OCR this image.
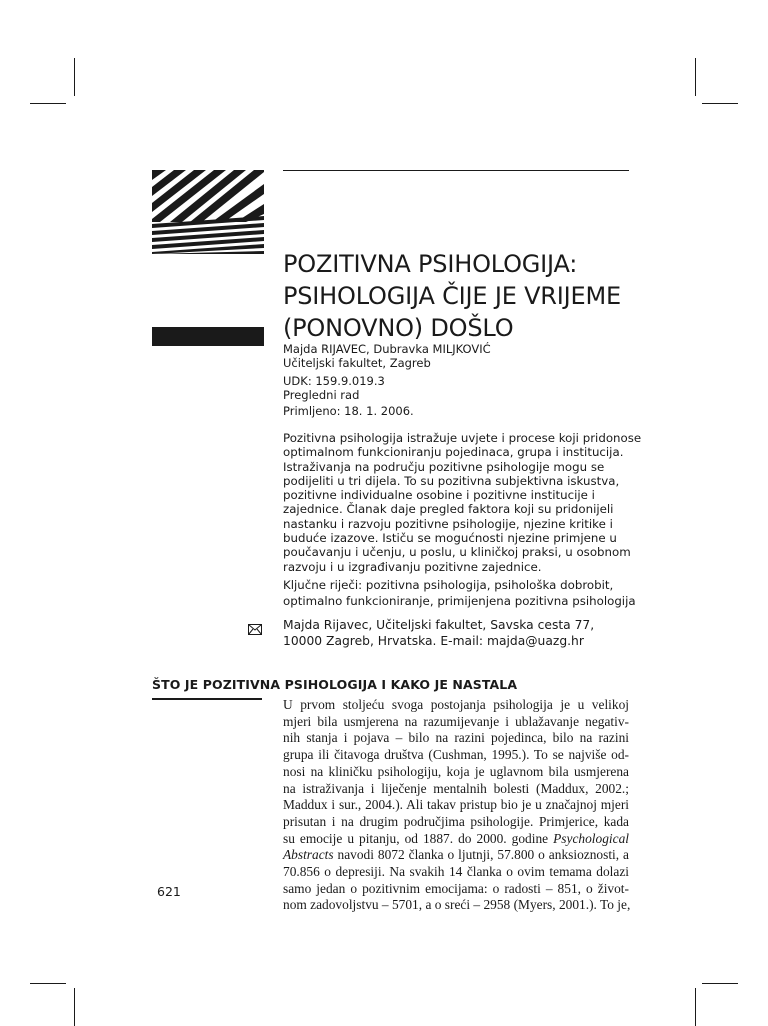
POZITIVNA PSIHOLOGIJA:
PSIHOLOGIJA ČIJE JE VRIJEME
(PONOVNO) DOŠLO
Majda RIJAVEC, Dubravka MILJKOVIĆ
Učiteljski fakultet, Zagreb
UDK: 159.9.019.3
Pregledni rad
Primljeno: 18. 1. 2006.
Pozitivna psihologija istražuje uvjete i procese koji pridonose
optimalnom funkcioniranju pojedinaca, grupa i institucija.
Istraživanja na području pozitivne psihologije mogu se
podijeliti u tri dijela. To su pozitivna subjektivna iskustva,
pozitivne individualne osobine i pozitivne institucije i
zajednice. Članak daje pregled faktora koji su pridonijeli
nastanku i razvoju pozitivne psihologije, njezine kritike i
buduće izazove. Ističu se mogućnosti njezine primjene u
poučavanju i učenju, u poslu, u kliničkoj praksi, u osobnom
razvoju i u izgrađivanju pozitivne zajednice.
Ključne riječi: pozitivna psihologija, psihološka dobrobit,
optimalno funkcioniranje, primijenjena pozitivna psihologija
Majda Rijavec, Učiteljski fakultet, Savska cesta 77,
10000 Zagreb, Hrvatska. E-mail: majda@uazg.hr
ŠTO JE POZITIVNA PSIHOLOGIJA I KAKO JE NASTALA
U prvom stoljeću svoga postojanja psihologija je u velikoj
mjeri bila usmjerena na razumijevanje i ublažavanje negativ-
nih stanja i pojava – bilo na razini pojedinca, bilo na razini
grupa ili čitavoga društva (Cushman, 1995.). To se najviše od-
nosi na kliničku psihologiju, koja je uglavnom bila usmjerena
na istraživanja i liječenje mentalnih bolesti (Maddux, 2002.;
Maddux i sur., 2004.). Ali takav pristup bio je u značajnoj mjeri
prisutan i na drugim područjima psihologije. Primjerice, kada
su emocije u pitanju, od 1887. do 2000. godine Psychological
Abstracts navodi 8072 članka o ljutnji, 57.800 o anksioznosti, a
70.856 o depresiji. Na svakih 14 članka o ovim temama dolazi
samo jedan o pozitivnim emocijama: o radosti – 851, o život-
nom zadovoljstvu – 5701, a o sreći – 2958 (Myers, 2001.). To je,
621
